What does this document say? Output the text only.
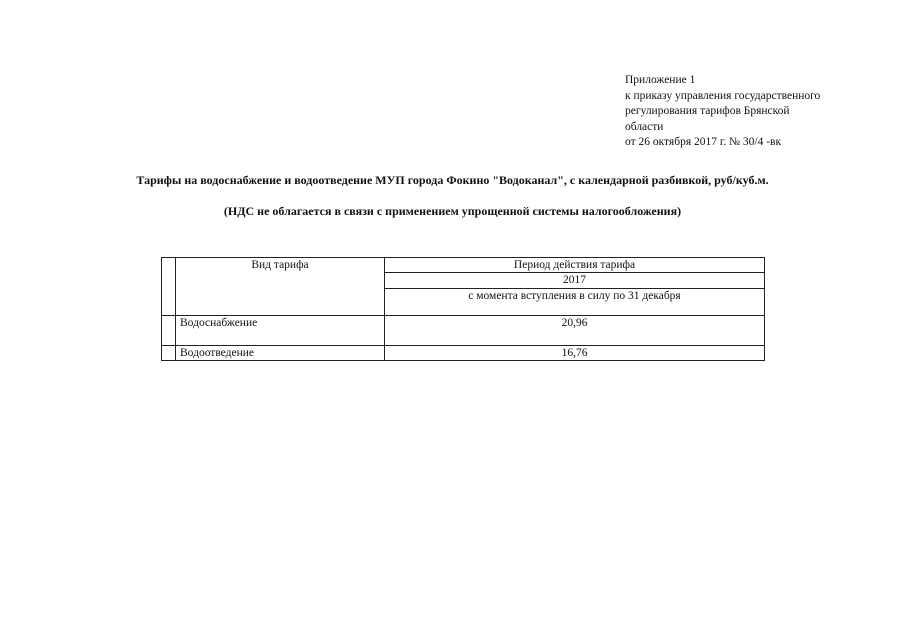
Приложение 1
к приказу управления государственного
регулирования тарифов Брянской
области
от 26 октября 2017 г. № 30/4 -вк
Тарифы на водоснабжение и водоотведение МУП города Фокино "Водоканал", с календарной разбивкой, руб/куб.м.
(НДС не облагается в связи с применением упрощенной системы налогообложения)
	Вид тарифа	Период действия тарифа
		2017
		с момента вступления в силу по 31 декабря
	Водоснабжение	20,96
	Водоотведение	16,76
